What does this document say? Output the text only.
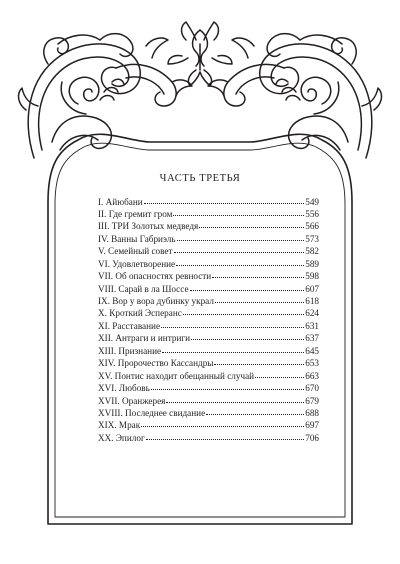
ЧАСТЬ ТРЕТЬЯ
I. Айюбани	549
II. Где гремит гром	556
III. ТРИ Золотых медведя	566
IV. Ванны Габриэль	573
V. Семейный совет	582
VI. Удовлетворение	589
VII. Об опасностях ревности	598
VIII. Сарай в ла Шоссе	607
IX. Вор у вора дубинку украл	618
X. Кроткий Эсперанс	624
XI. Расставание	631
XII. Антраги и интриги	637
XIII. Признание	645
XIV. Пророчество Кассандры	653
XV. Понтис находит обещанный случай	663
XVI. Любовь	670
XVII. Оранжерея	679
XVIII. Последнее свидание	688
XIX. Мрак	697
XX. Эпилог	706
